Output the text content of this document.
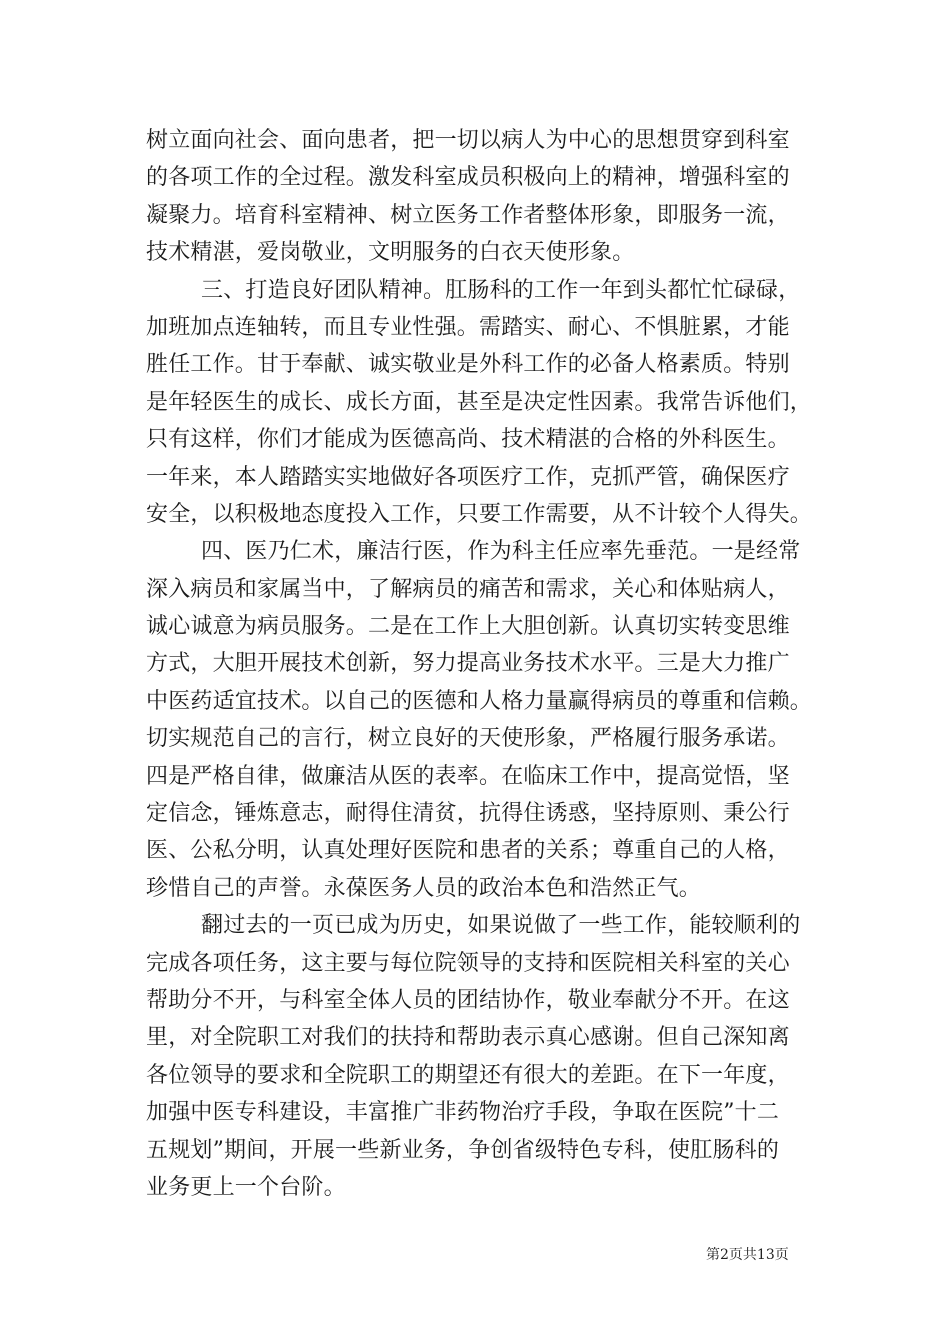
树立面向社会、面向患者，把一切以病人为中心的思想贯穿到科室
的各项工作的全过程。激发科室成员积极向上的精神，增强科室的
凝聚力。培育科室精神、树立医务工作者整体形象，即服务一流，
技术精湛，爱岗敬业，文明服务的白衣天使形象。
三、打造良好团队精神。肛肠科的工作一年到头都忙忙碌碌，
加班加点连轴转，而且专业性强。需踏实、耐心、不惧脏累，才能
胜任工作。甘于奉献、诚实敬业是外科工作的必备人格素质。特别
是年轻医生的成长、成长方面，甚至是决定性因素。我常告诉他们，
只有这样，你们才能成为医德高尚、技术精湛的合格的外科医生。
一年来，本人踏踏实实地做好各项医疗工作，克抓严管，确保医疗
安全，以积极地态度投入工作，只要工作需要，从不计较个人得失。
四、医乃仁术，廉洁行医，作为科主任应率先垂范。一是经常
深入病员和家属当中，了解病员的痛苦和需求，关心和体贴病人，
诚心诚意为病员服务。二是在工作上大胆创新。认真切实转变思维
方式，大胆开展技术创新，努力提高业务技术水平。三是大力推广
中医药适宜技术。以自己的医德和人格力量赢得病员的尊重和信赖。
切实规范自己的言行，树立良好的天使形象，严格履行服务承诺。
四是严格自律，做廉洁从医的表率。在临床工作中，提高觉悟，坚
定信念，锤炼意志，耐得住清贫，抗得住诱惑，坚持原则、秉公行
医、公私分明，认真处理好医院和患者的关系；尊重自己的人格，
珍惜自己的声誉。永葆医务人员的政治本色和浩然正气。
翻过去的一页已成为历史，如果说做了一些工作，能较顺利的
完成各项任务，这主要与每位院领导的支持和医院相关科室的关心
帮助分不开，与科室全体人员的团结协作，敬业奉献分不开。在这
里，对全院职工对我们的扶持和帮助表示真心感谢。但自己深知离
各位领导的要求和全院职工的期望还有很大的差距。在下一年度，
加强中医专科建设，丰富推广非药物治疗手段，争取在医院”十二
五规划”期间，开展一些新业务，争创省级特色专科，使肛肠科的
业务更上一个台阶。
第2页共13页
